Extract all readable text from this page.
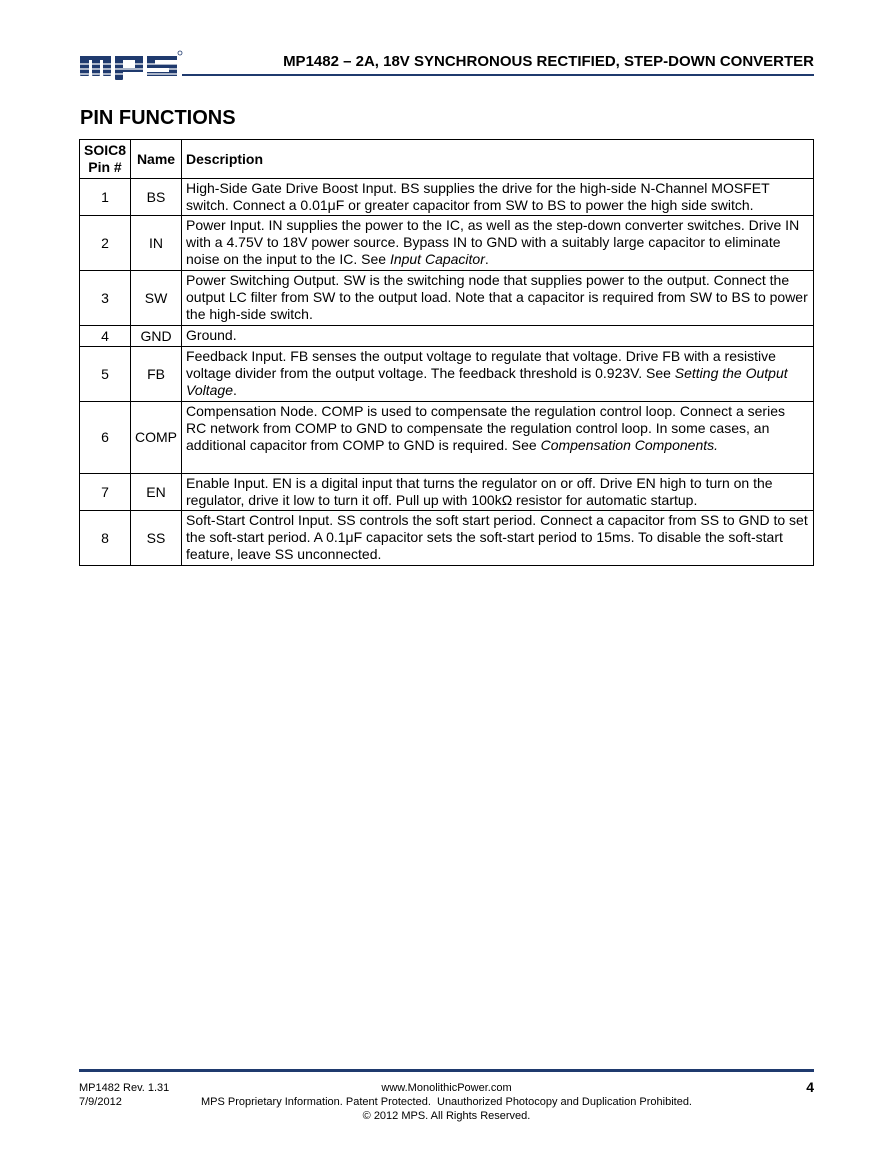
MP1482 – 2A, 18V SYNCHRONOUS RECTIFIED, STEP-DOWN CONVERTER
PIN FUNCTIONS
SOIC8
Pin #	Name	Description
1	BS	High-Side Gate Drive Boost Input. BS supplies the drive for the high-side N-Channel MOSFET switch. Connect a 0.01μF or greater capacitor from SW to BS to power the high side switch.
2	IN	Power Input. IN supplies the power to the IC, as well as the step-down converter switches. Drive IN with a 4.75V to 18V power source. Bypass IN to GND with a suitably large capacitor to eliminate noise on the input to the IC. See Input Capacitor.
3	SW	Power Switching Output. SW is the switching node that supplies power to the output. Connect the output LC filter from SW to the output load. Note that a capacitor is required from SW to BS to power the high-side switch.
4	GND	Ground.
5	FB	Feedback Input. FB senses the output voltage to regulate that voltage. Drive FB with a resistive voltage divider from the output voltage. The feedback threshold is 0.923V. See Setting the Output Voltage.
6	COMP	Compensation Node. COMP is used to compensate the regulation control loop. Connect a series RC network from COMP to GND to compensate the regulation control loop. In some cases, an additional capacitor from COMP to GND is required. See Compensation Components.
7	EN	Enable Input. EN is a digital input that turns the regulator on or off. Drive EN high to turn on the regulator, drive it low to turn it off. Pull up with 100kΩ resistor for automatic startup.
8	SS	Soft-Start Control Input. SS controls the soft start period. Connect a capacitor from SS to GND to set the soft-start period. A 0.1μF capacitor sets the soft-start period to 15ms. To disable the soft-start feature, leave SS unconnected.
MP1482 Rev. 1.31
7/9/2012
www.MonolithicPower.com
MPS Proprietary Information. Patent Protected.  Unauthorized Photocopy and Duplication Prohibited.
© 2012 MPS. All Rights Reserved.
4
